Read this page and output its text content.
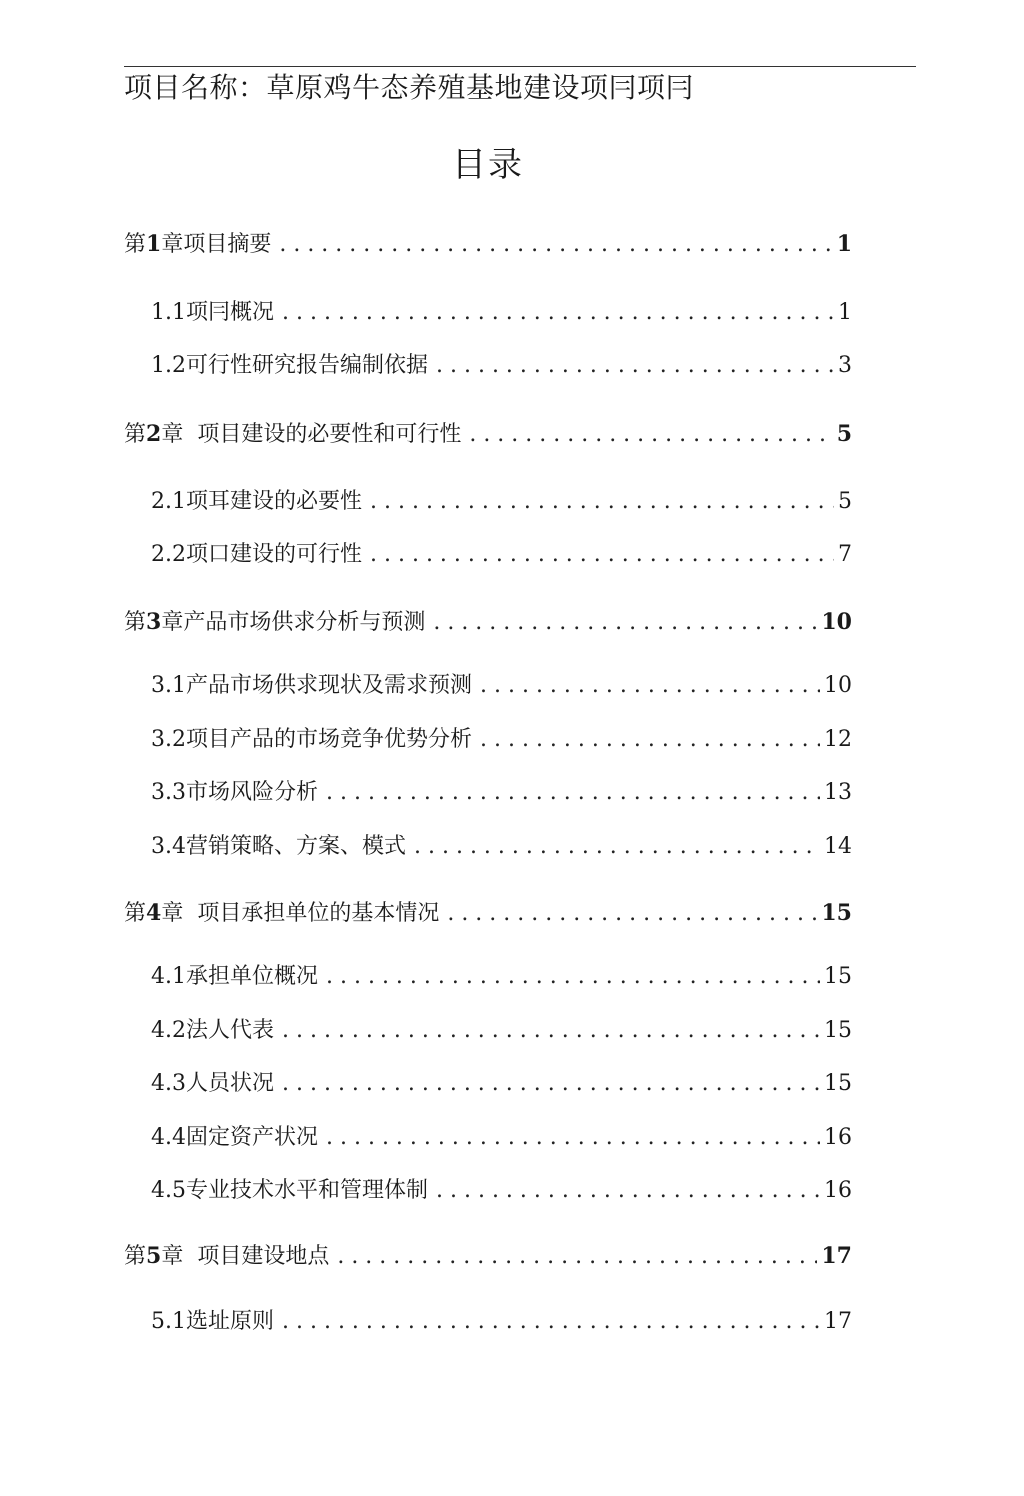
项目名称：草原鸡牛态养殖基地建设项冃项冃
目录
第1章项目摘要 . . .	1
1.1项冃概况 . . .	1
1.2可行性研究报告编制依据 . . .	3
第2章  项目建设的必要性和可行性 . . .	5
2.1项耳建设的必要性 . . .	5
2.2项口建设的可行性 . . .	7
第3章产品市场供求分析与预测 . . .	10
3.1产品市场供求现状及需求预测 . . .	10
3.2项目产品的市场竞争优势分析 . . .	12
3.3市场风险分析 . . .	13
3.4营销策略、方案、模式 . . .	14
第4章  项目承担单位的基本情况 . . .	15
4.1承担单位概况 . . .	15
4.2法人代表 . . .	15
4.3人员状况 . . .	15
4.4固定资产状况 . . .	16
4.5专业技术水平和管理体制 . . .	16
第5章  项目建设地点 . . .	17
5.1选址原则 . . .	17
